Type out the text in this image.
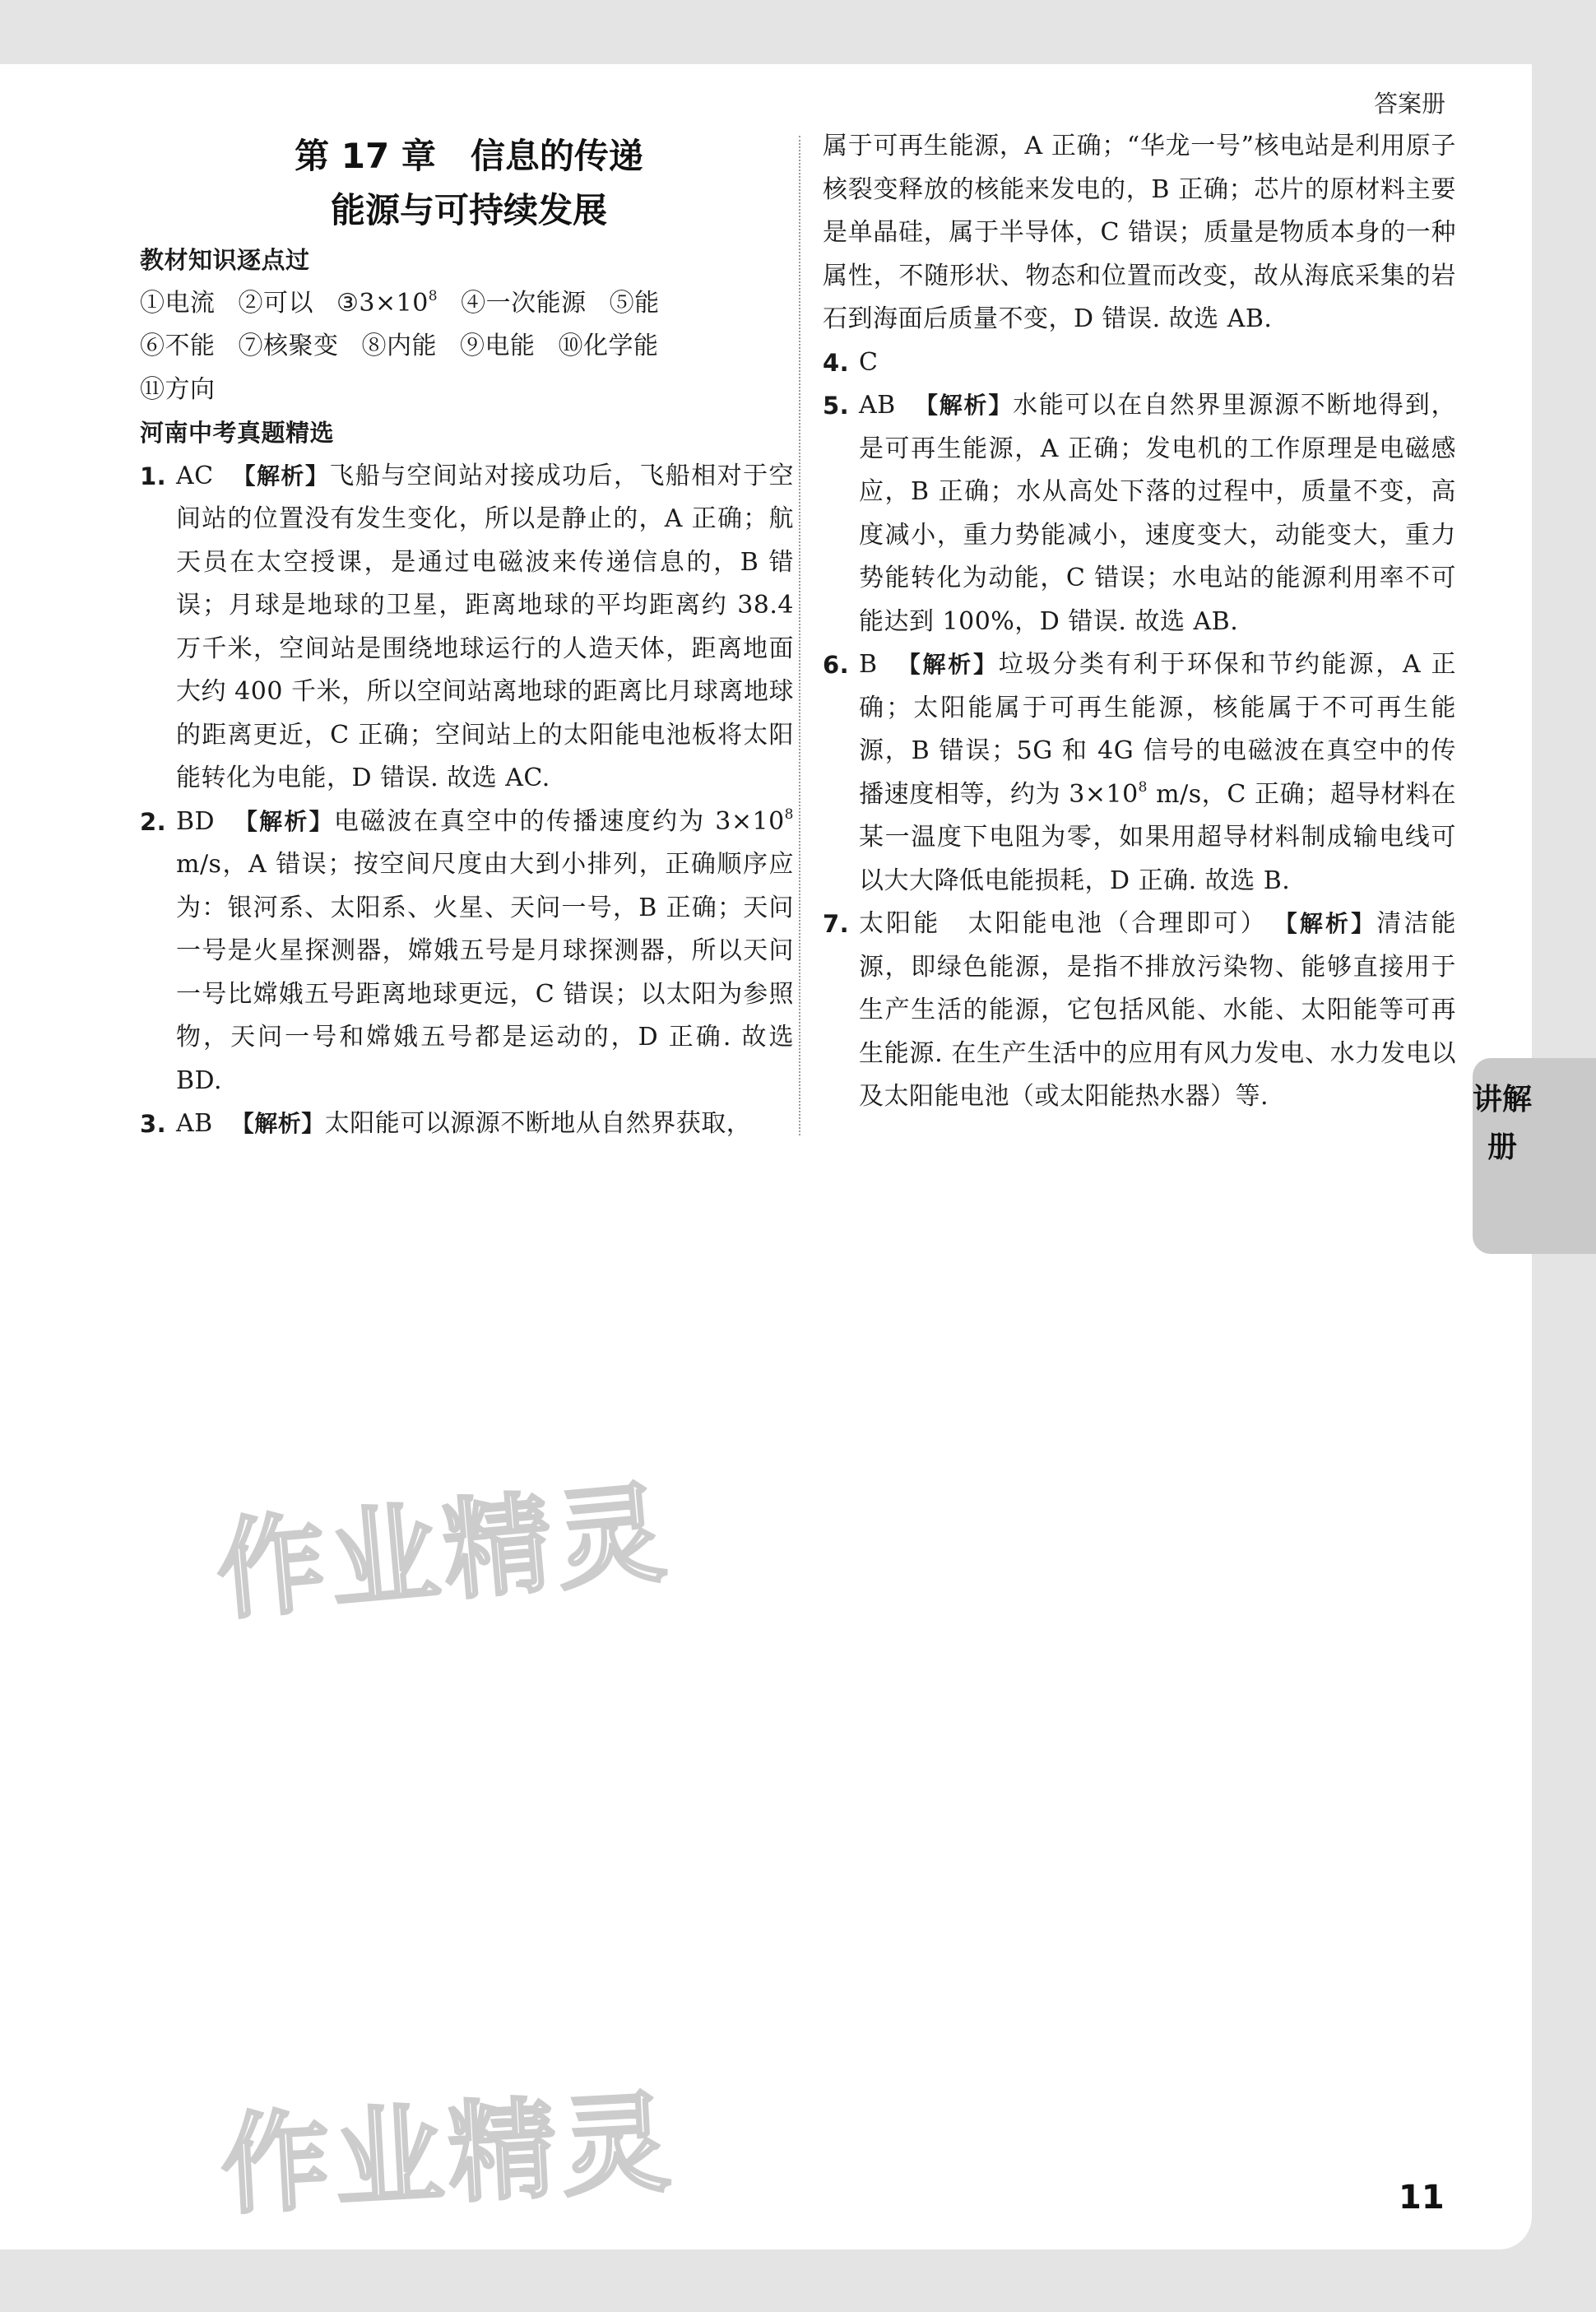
答案册
第 17 章　信息的传递
能源与可持续发展
教材知识逐点过
①电流 ②可以 $③3\times 10^8$ ④一次能源 ⑤能
⑥不能 ⑦核聚变 ⑧内能 ⑨电能 ⑩化学能
⑪方向
河南中考真题精选
1. AC 【解析】飞船与空间站对接成功后，飞船相对于空间站的位置没有发生变化，所以是静止的，A 正确；航天员在太空授课，是通过电磁波来传递信息的，B 错误；月球是地球的卫星，距离地球的平均距离约 38.4 万千米，空间站是围绕地球运行的人造天体，距离地面大约 400 千米，所以空间站离地球的距离比月球离地球的距离更近，C 正确；空间站上的太阳能电池板将太阳能转化为电能，D 错误. 故选 AC.
2. BD 【解析】电磁波在真空中的传播速度约为 $3\times 10^8$ m/s，A 错误；按空间尺度由大到小排列，正确顺序应为：银河系、太阳系、火星、天问一号，B 正确；天问一号是火星探测器，嫦娥五号是月球探测器，所以天问一号比嫦娥五号距离地球更远，C 错误；以太阳为参照物，天问一号和嫦娥五号都是运动的，D 正确. 故选 BD.
3. AB 【解析】太阳能可以源源不断地从自然界获取，
属于可再生能源，A 正确；“华龙一号”核电站是利用原子核裂变释放的核能来发电的，B 正确；芯片的原材料主要是单晶硅，属于半导体，C 错误；质量是物质本身的一种属性，不随形状、物态和位置而改变，故从海底采集的岩石到海面后质量不变，D 错误. 故选 AB.
4. C
5. AB 【解析】水能可以在自然界里源源不断地得到，是可再生能源，A 正确；发电机的工作原理是电磁感应，B 正确；水从高处下落的过程中，质量不变，高度减小，重力势能减小，速度变大，动能变大，重力势能转化为动能，C 错误；水电站的能源利用率不可能达到 100%，D 错误. 故选 AB.
6. B 【解析】垃圾分类有利于环保和节约能源，A 正确；太阳能属于可再生能源，核能属于不可再生能源，B 错误；5G 和 4G 信号的电磁波在真空中的传播速度相等，约为 $3\times 10^8$ m/s，C 正确；超导材料在某一温度下电阻为零，如果用超导材料制成输电线可以大大降低电能损耗，D 正确. 故选 B.
7. 太阳能　太阳能电池（合理即可） 【解析】清洁能源，即绿色能源，是指不排放污染物、能够直接用于生产生活的能源，它包括风能、水能、太阳能等可再生能源. 在生产生活中的应用有风力发电、水力发电以及太阳能电池（或太阳能热水器）等.	讲解册
作业精灵
作业精灵	11
